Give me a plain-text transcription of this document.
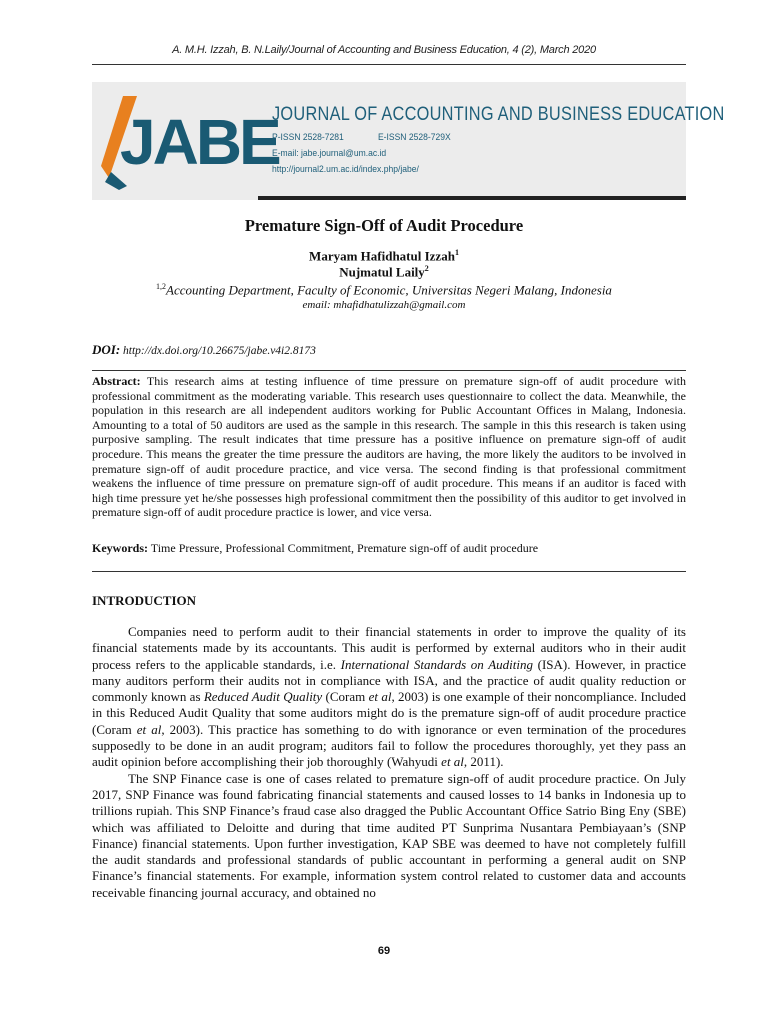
A. M.H. Izzah, B. N.Laily/Journal of Accounting and Business Education, 4 (2), March 2020
JABE
JOURNAL OF ACCOUNTING AND BUSINESS EDUCATION
P-ISSN 2528-7281	E-ISSN 2528-729X
E-mail: jabe.journal@um.ac.id
http://journal2.um.ac.id/index.php/jabe/
Premature Sign-Off of Audit Procedure
Maryam Hafidhatul Izzah$^1$
Nujmatul Laily$^2$
$^{1,2}$Accounting Department, Faculty of Economic, Universitas Negeri Malang, Indonesia
email: mhafidhatulizzah@gmail.com
DOI: http://dx.doi.org/10.26675/jabe.v4i2.8173
Abstract: This research aims at testing influence of time pressure on premature sign-off of audit procedure with professional commitment as the moderating variable. This research uses questionnaire to collect the data. Meanwhile, the population in this research are all independent auditors working for Public Accountant Offices in Malang, Indonesia. Amounting to a total of 50 auditors are used as the sample in this research. The sample in this this research is taken using purposive sampling. The result indicates that time pressure has a positive influence on premature sign-off of audit procedure. This means the greater the time pressure the auditors are having, the more likely the auditors to be involved in premature sign-off of audit procedure practice, and vice versa. The second finding is that professional commitment weakens the influence of time pressure on premature sign-off of audit procedure. This means if an auditor is faced with high time pressure yet he/she possesses high professional commitment then the possibility of this auditor to get involved in premature sign-off of audit procedure practice is lower, and vice versa.
Keywords: Time Pressure, Professional Commitment, Premature sign-off of audit procedure
INTRODUCTION

Companies need to perform audit to their financial statements in order to improve the quality of its financial statements made by its accountants. This audit is performed by external auditors who in their audit process refers to the applicable standards, i.e. International Standards on Auditing (ISA). However, in practice many auditors perform their audits not in compliance with ISA, and the practice of audit quality reduction or commonly known as Reduced Audit Quality (Coram et al, 2003) is one example of their noncompliance. Included in this Reduced Audit Quality that some auditors might do is the premature sign-off of audit procedure practice (Coram et al, 2003). This practice has something to do with ignorance or even termination of the procedures supposedly to be done in an audit program; auditors fail to follow the procedures thoroughly, yet they pass an audit opinion before accomplishing their job thoroughly (Wahyudi et al, 2011).

The SNP Finance case is one of cases related to premature sign-off of audit procedure practice. On July 2017, SNP Finance was found fabricating financial statements and caused losses to 14 banks in Indonesia up to trillions rupiah. This SNP Finance’s fraud case also dragged the Public Accountant Office Satrio Bing Eny (SBE) which was affiliated to Deloitte and during that time audited PT Sunprima Nusantara Pembiayaan’s (SNP Finance) financial statements. Upon further investigation, KAP SBE was deemed to have not completely fulfill the audit standards and professional standards of public accountant in performing a general audit on SNP Finance’s financial statements. For example, information system control related to customer data and accounts receivable financing journal accuracy, and obtained no

69
